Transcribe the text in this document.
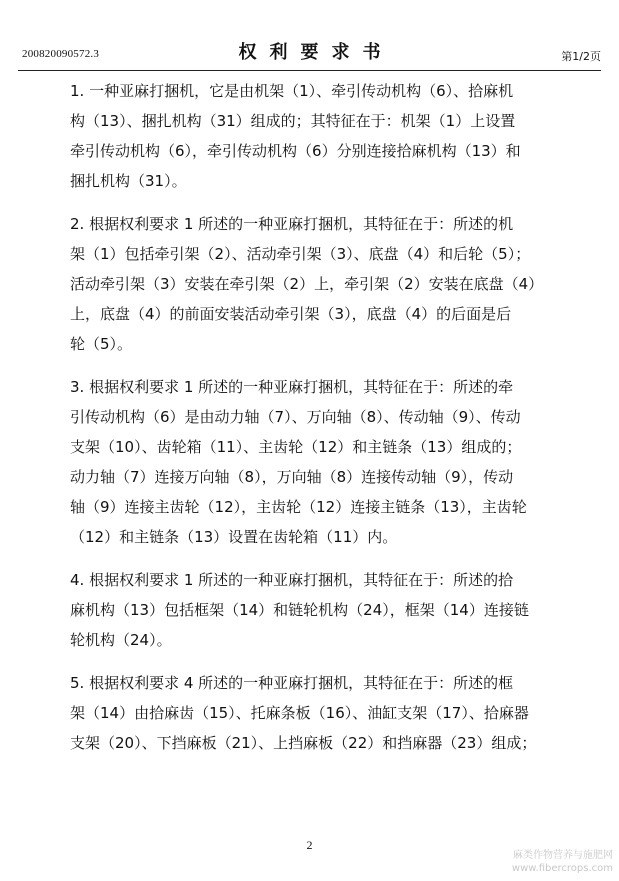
200820090572.3	权利要求书	第1/2页
1. 一种亚麻打捆机，它是由机架（1）、牵引传动机构（6）、拾麻机
构（13）、捆扎机构（31）组成的；其特征在于：机架（1）上设置
牵引传动机构（6），牵引传动机构（6）分别连接拾麻机构（13）和
捆扎机构（31）。
2. 根据权利要求 1 所述的一种亚麻打捆机，其特征在于：所述的机
架（1）包括牵引架（2）、活动牵引架（3）、底盘（4）和后轮（5）；
活动牵引架（3）安装在牵引架（2）上，牵引架（2）安装在底盘（4）
上，底盘（4）的前面安装活动牵引架（3），底盘（4）的后面是后
轮（5）。
3. 根据权利要求 1 所述的一种亚麻打捆机，其特征在于：所述的牵
引传动机构（6）是由动力轴（7）、万向轴（8）、传动轴（9）、传动
支架（10）、齿轮箱（11）、主齿轮（12）和主链条（13）组成的；
动力轴（7）连接万向轴（8），万向轴（8）连接传动轴（9），传动
轴（9）连接主齿轮（12），主齿轮（12）连接主链条（13），主齿轮
（12）和主链条（13）设置在齿轮箱（11）内。
4. 根据权利要求 1 所述的一种亚麻打捆机，其特征在于：所述的拾
麻机构（13）包括框架（14）和链轮机构（24），框架（14）连接链
轮机构（24）。
5. 根据权利要求 4 所述的一种亚麻打捆机，其特征在于：所述的框
架（14）由拾麻齿（15）、托麻条板（16）、油缸支架（17）、拾麻器
支架（20）、下挡麻板（21）、上挡麻板（22）和挡麻器（23）组成；
2
麻类作物营养与施肥网
www.fibercrops.com
